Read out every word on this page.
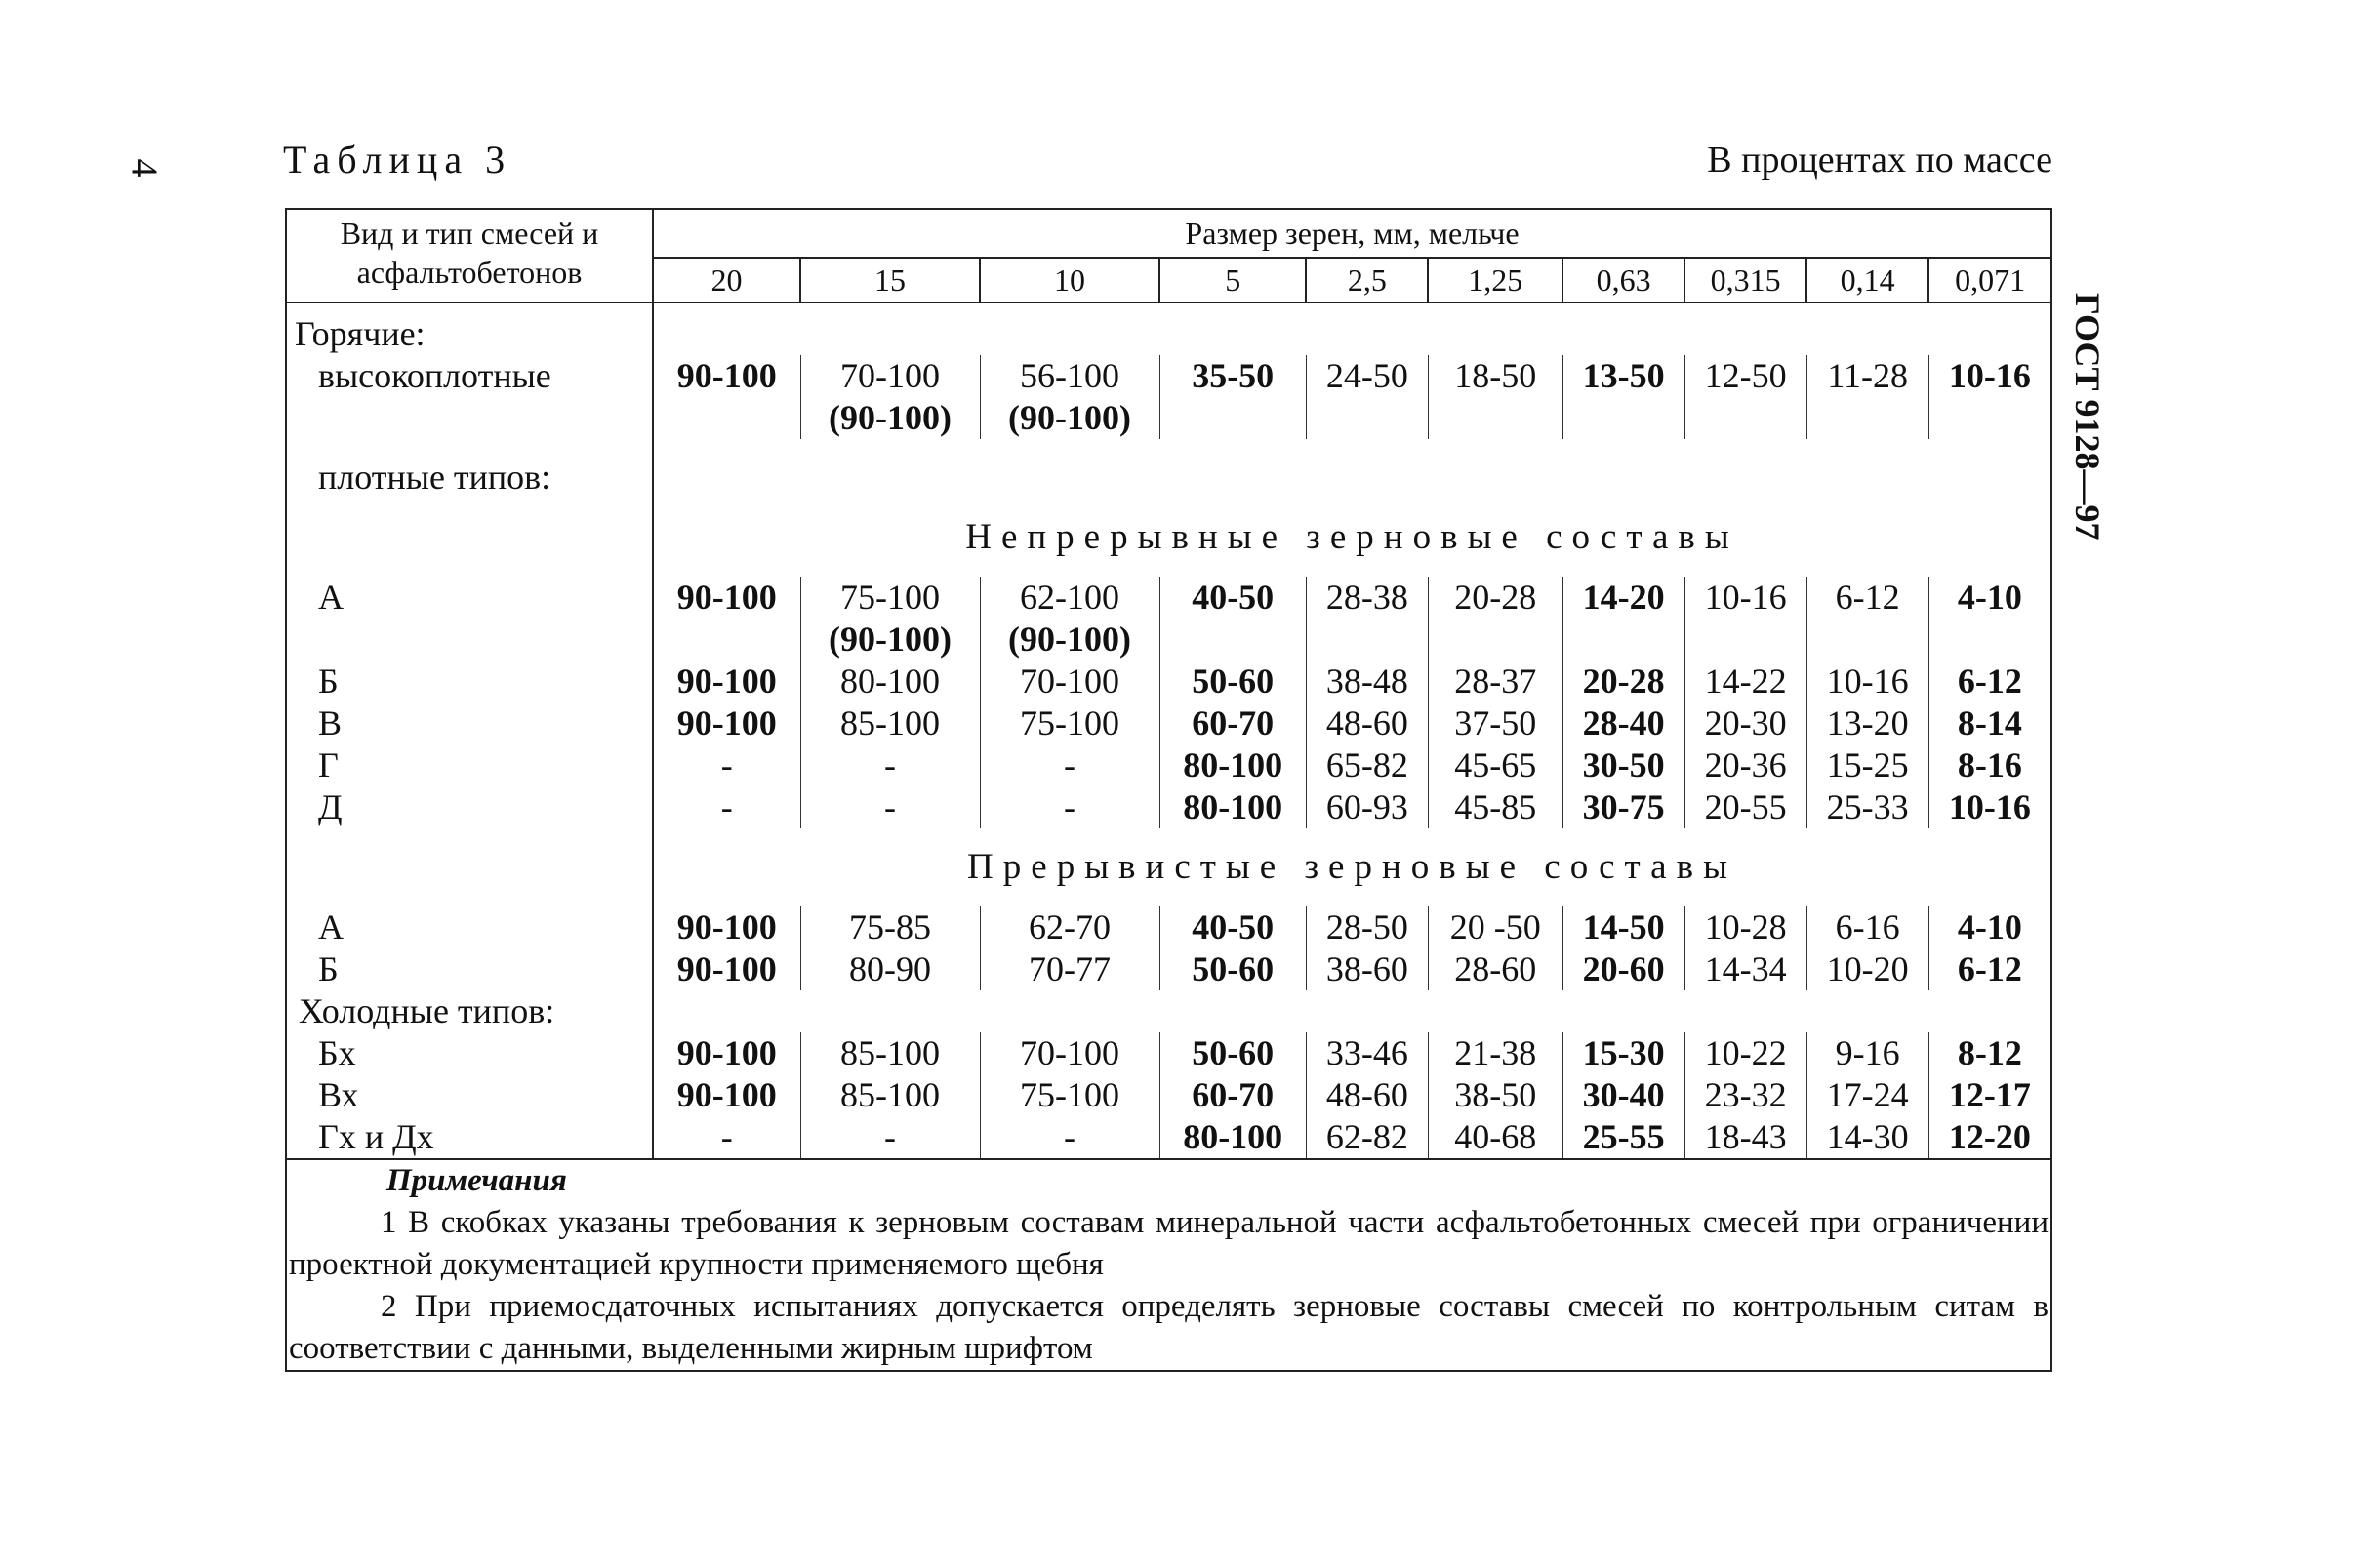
4	Таблица 3	В процентах по массе
ГОСТ 9128—97
Вид и тип смесей и асфальтобетонов	Размер зерен, мм, мельче									
	20	15	10	5	2,5	1,25	0,63	0,315	0,14	0,071
Горячие:										
высокоплотные	90-100	70-100	56-100	35-50	24-50	18-50	13-50	12-50	11-28	10-16
		(90-100)	(90-100)							

плотные типов:										
	Непрерывные зерновые составы									
А	90-100	75-100	62-100	40-50	28-38	20-28	14-20	10-16	6-12	4-10
		(90-100)	(90-100)							
Б	90-100	80-100	70-100	50-60	38-48	28-37	20-28	14-22	10-16	6-12
В	90-100	85-100	75-100	60-70	48-60	37-50	28-40	20-30	13-20	8-14
Г	-	-	-	80-100	65-82	45-65	30-50	20-36	15-25	8-16
Д	-	-	-	80-100	60-93	45-85	30-75	20-55	25-33	10-16
	Прерывистые зерновые составы									
А	90-100	75-85	62-70	40-50	28-50	20 -50	14-50	10-28	6-16	4-10
Б	90-100	80-90	70-77	50-60	38-60	28-60	20-60	14-34	10-20	6-12
Холодные типов:										
Бх	90-100	85-100	70-100	50-60	33-46	21-38	15-30	10-22	9-16	8-12
Вх	90-100	85-100	75-100	60-70	48-60	38-50	30-40	23-32	17-24	12-17
Гх и Дх	-	-	-	80-100	62-82	40-68	25-55	18-43	14-30	12-20

Примечания
1 В скобках указаны требования к зерновым составам минеральной части асфальтобетонных смесей при ограничении проектной документацией крупности применяемого щебня
2 При приемосдаточных испытаниях допускается определять зерновые составы смесей по контрольным ситам в соответствии с данными, выделенными жирным шрифтом										
